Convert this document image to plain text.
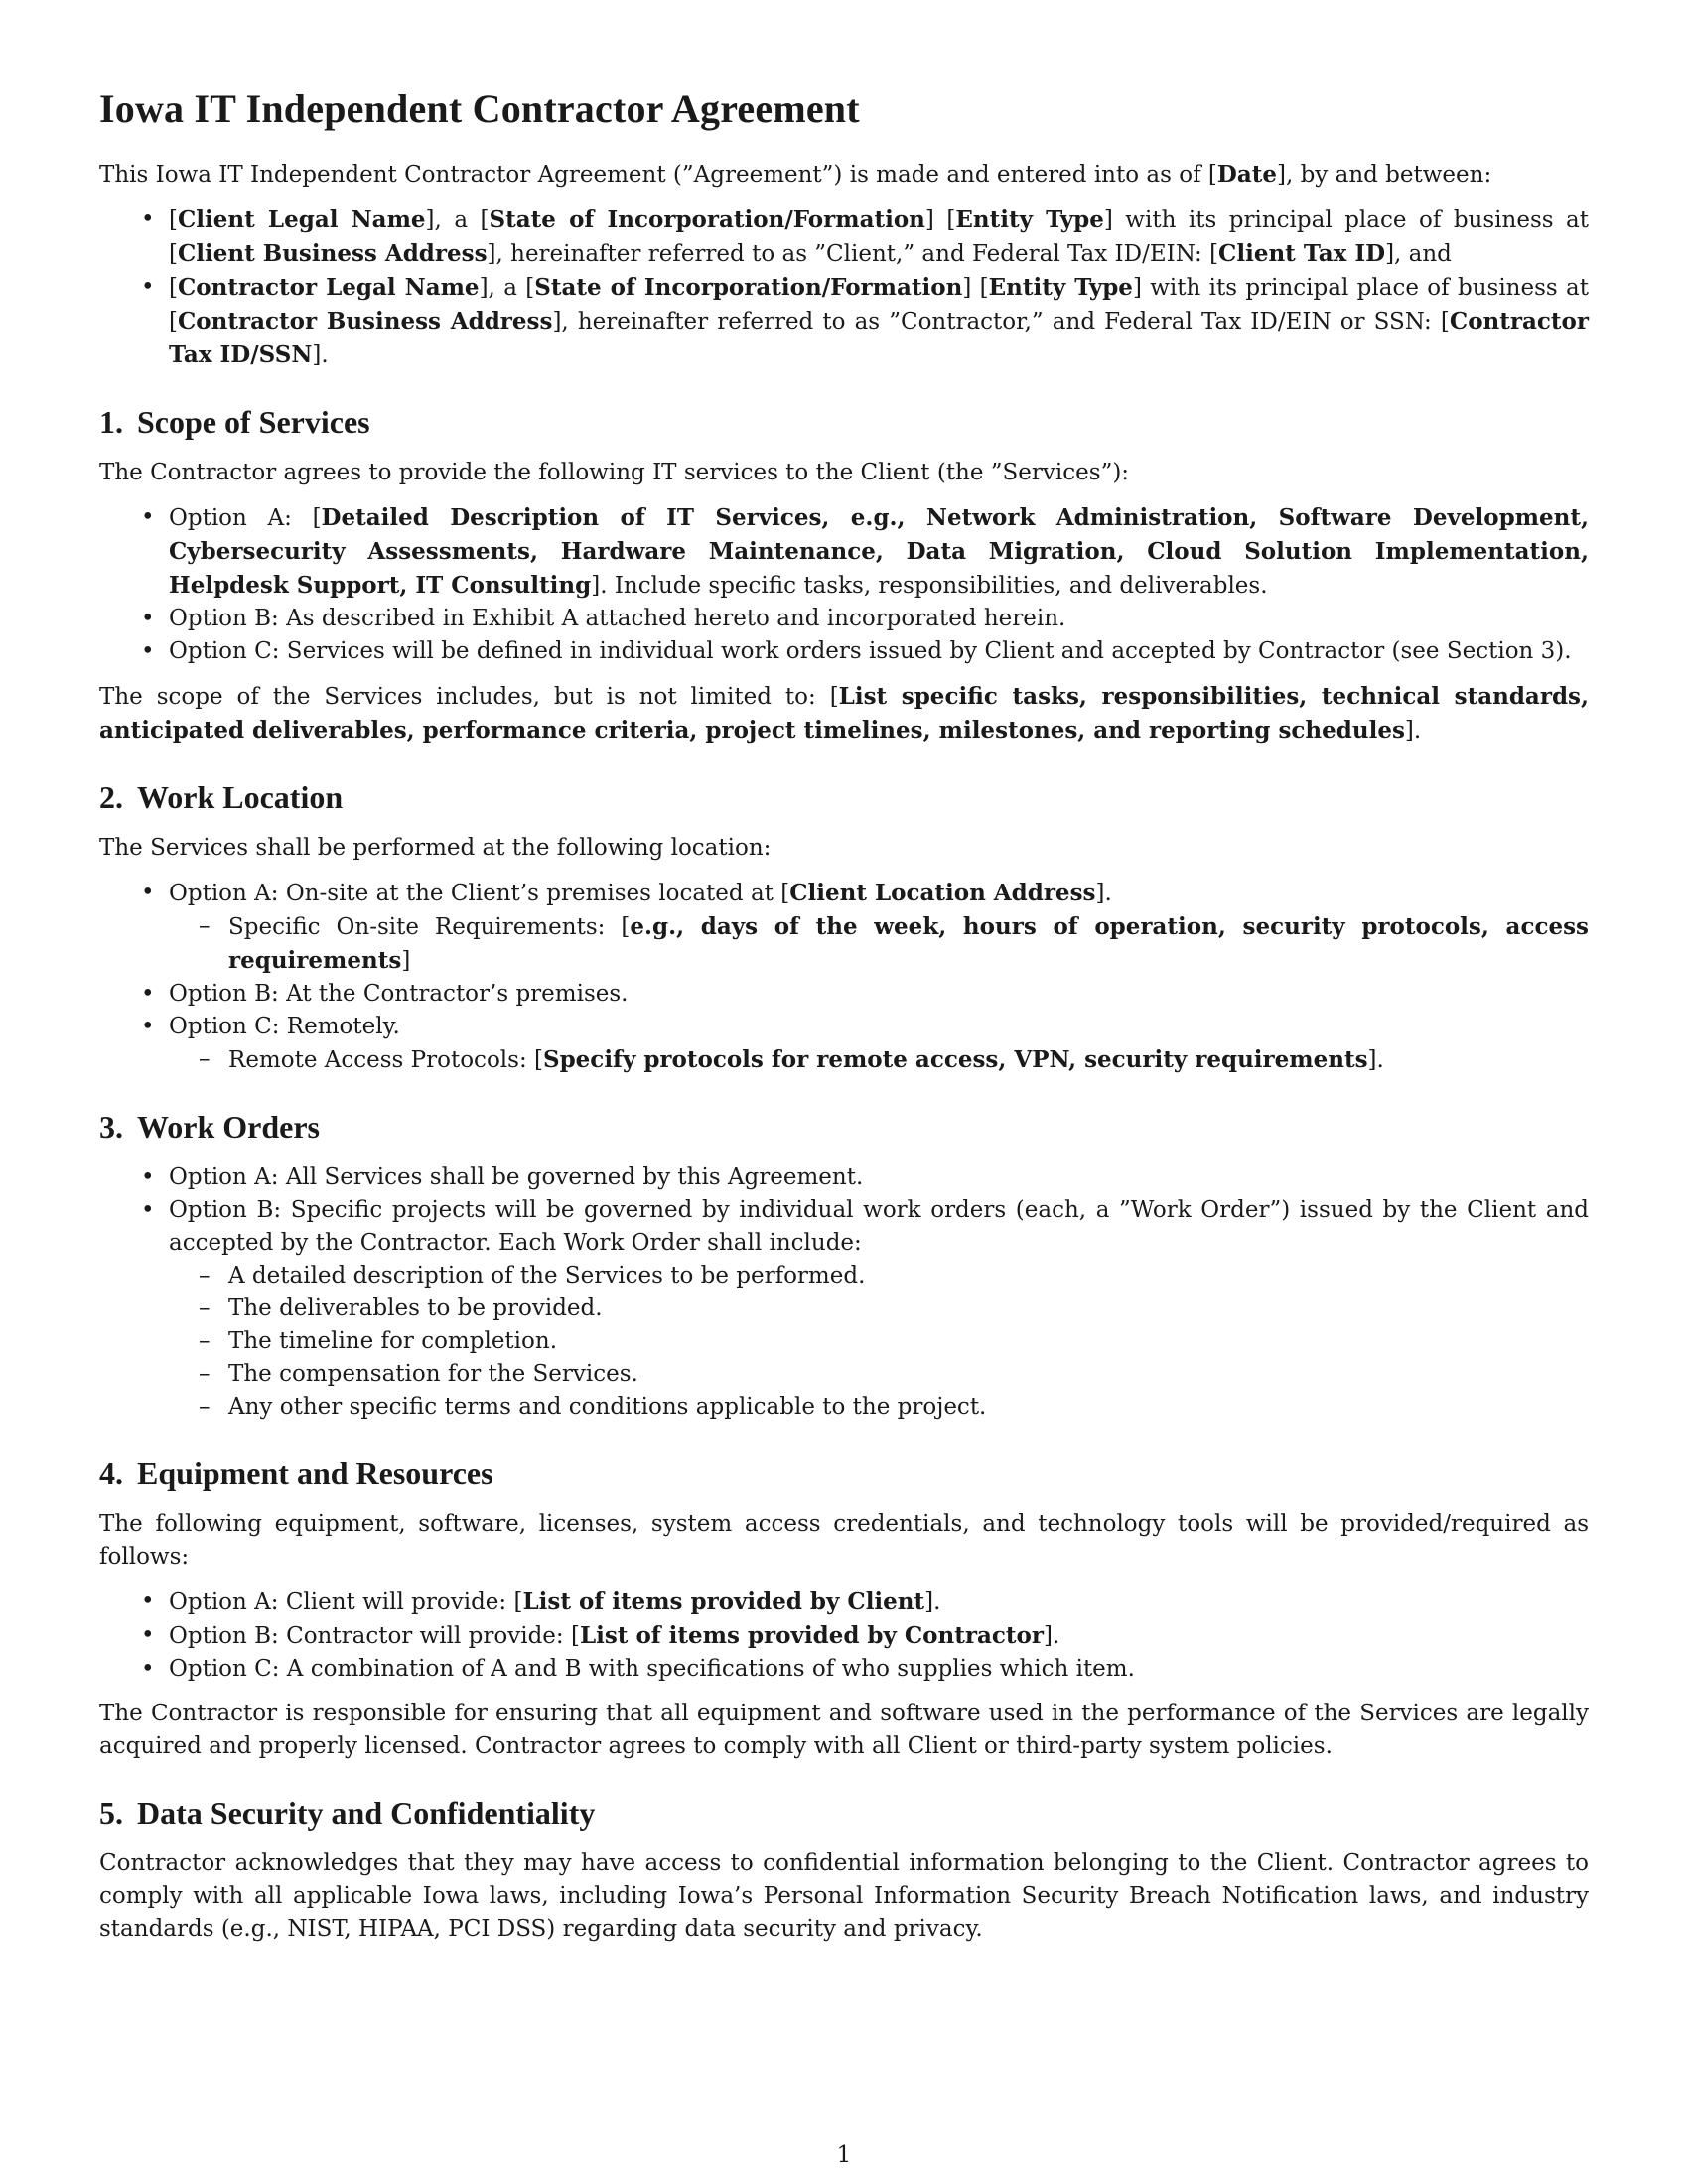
Iowa IT Independent Contractor Agreement

This Iowa IT Independent Contractor Agreement (”Agreement”) is made and entered into as of [Date], by and between:

• [Client Legal Name], a [State of Incorporation/Formation] [Entity Type] with its principal place of business at [Client Business Address], hereinafter referred to as ”Client,” and Federal Tax ID/EIN: [Client Tax ID], and
• [Contractor Legal Name], a [State of Incorporation/Formation] [Entity Type] with its principal place of business at [Contractor Business Address], hereinafter referred to as ”Contractor,” and Federal Tax ID/EIN or SSN: [Contractor Tax ID/SSN].
1. Scope of Services

The Contractor agrees to provide the following IT services to the Client (the ”Services”):

• Option A: [Detailed Description of IT Services, e.g., Network Administration, Software Development, Cybersecurity Assessments, Hardware Maintenance, Data Migration, Cloud Solution Implementation, Helpdesk Support, IT Consulting]. Include specific tasks, responsibilities, and deliverables.
• Option B: As described in Exhibit A attached hereto and incorporated herein.
• Option C: Services will be defined in individual work orders issued by Client and accepted by Contractor (see Section 3).

The scope of the Services includes, but is not limited to: [List specific tasks, responsibilities, technical standards, anticipated deliverables, performance criteria, project timelines, milestones, and reporting schedules].

2. Work Location

The Services shall be performed at the following location:

• Option A: On-site at the Client’s premises located at [Client Location Address].
– Specific On-site Requirements: [e.g., days of the week, hours of operation, security protocols, access requirements]
• Option B: At the Contractor’s premises.
• Option C: Remotely.
– Remote Access Protocols: [Specify protocols for remote access, VPN, security requirements].
3. Work Orders
• Option A: All Services shall be governed by this Agreement.
• Option B: Specific projects will be governed by individual work orders (each, a ”Work Order”) issued by the Client and accepted by the Contractor. Each Work Order shall include:
– A detailed description of the Services to be performed.
– The deliverables to be provided.
– The timeline for completion.
– The compensation for the Services.
– Any other specific terms and conditions applicable to the project.
4. Equipment and Resources

The following equipment, software, licenses, system access credentials, and technology tools will be provided/required as follows:

• Option A: Client will provide: [List of items provided by Client].
• Option B: Contractor will provide: [List of items provided by Contractor].
• Option C: A combination of A and B with specifications of who supplies which item.

The Contractor is responsible for ensuring that all equipment and software used in the performance of the Services are legally acquired and properly licensed. Contractor agrees to comply with all Client or third-party system policies.

5. Data Security and Confidentiality

Contractor acknowledges that they may have access to confidential information belonging to the Client. Contractor agrees to comply with all applicable Iowa laws, including Iowa’s Personal Information Security Breach Notification laws, and industry standards (e.g., NIST, HIPAA, PCI DSS) regarding data security and privacy.

1
